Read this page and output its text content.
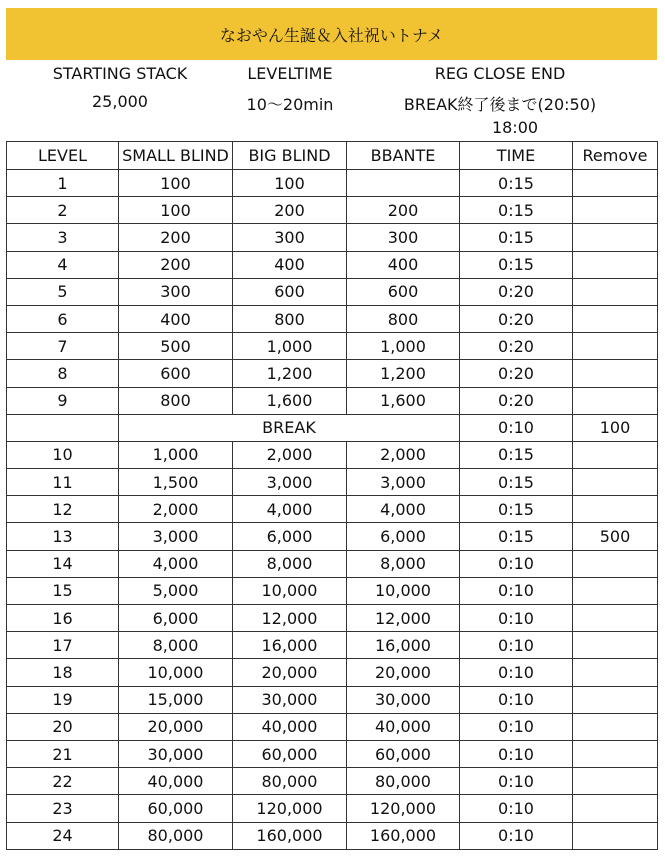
なおやん生誕＆入社祝いトナメ
STARTING STACK
25,000
LEVELTIME
10〜20min
REG CLOSE END
BREAK終了後まで(20:50)
18:00
LEVEL	SMALL BLIND	BIG BLIND	BBANTE	TIME	Remove
1	100	100		0:15	
2	100	200	200	0:15	
3	200	300	300	0:15	
4	200	400	400	0:15	
5	300	600	600	0:20	
6	400	800	800	0:20	
7	500	1,000	1,000	0:20	
8	600	1,200	1,200	0:20	
9	800	1,600	1,600	0:20	
	BREAK			0:10	100
10	1,000	2,000	2,000	0:15	
11	1,500	3,000	3,000	0:15	
12	2,000	4,000	4,000	0:15	
13	3,000	6,000	6,000	0:15	500
14	4,000	8,000	8,000	0:10	
15	5,000	10,000	10,000	0:10	
16	6,000	12,000	12,000	0:10	
17	8,000	16,000	16,000	0:10	
18	10,000	20,000	20,000	0:10	
19	15,000	30,000	30,000	0:10	
20	20,000	40,000	40,000	0:10	
21	30,000	60,000	60,000	0:10	
22	40,000	80,000	80,000	0:10	
23	60,000	120,000	120,000	0:10	
24	80,000	160,000	160,000	0:10	
